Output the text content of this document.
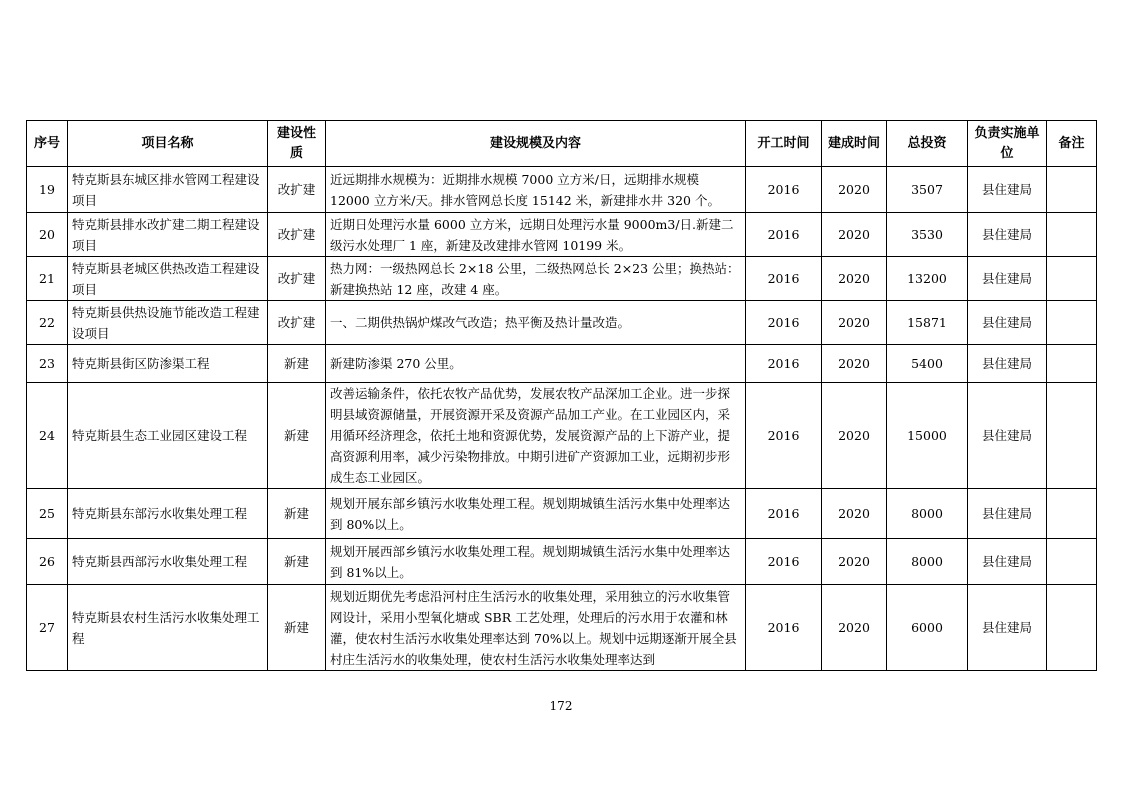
序号	项目名称	建设性质	建设规模及内容	开工时间	建成时间	总投资	负责实施单位	备注
19	特克斯县东城区排水管网工程建设项目	改扩建	近远期排水规模为：近期排水规模 7000 立方米/日，远期排水规模 12000 立方米/天。排水管网总长度 15142 米，新建排水井 320 个。	2016	2020	3507	县住建局	
20	特克斯县排水改扩建二期工程建设项目	改扩建	近期日处理污水量 6000 立方米，远期日处理污水量 9000m3/日.新建二级污水处理厂 1 座，新建及改建排水管网 10199 米。	2016	2020	3530	县住建局	
21	特克斯县老城区供热改造工程建设项目	改扩建	热力网：一级热网总长 2×18 公里，二级热网总长 2×23 公里；换热站：新建换热站 12 座，改建 4 座。	2016	2020	13200	县住建局	
22	特克斯县供热设施节能改造工程建设项目	改扩建	一、二期供热锅炉煤改气改造；热平衡及热计量改造。	2016	2020	15871	县住建局	
23	特克斯县街区防渗渠工程	新建	新建防渗渠 270 公里。	2016	2020	5400	县住建局	
24	特克斯县生态工业园区建设工程	新建	改善运输条件，依托农牧产品优势，发展农牧产品深加工企业。进一步探明县域资源储量，开展资源开采及资源产品加工产业。在工业园区内，采用循环经济理念，依托土地和资源优势，发展资源产品的上下游产业，提高资源利用率，减少污染物排放。中期引进矿产资源加工业，远期初步形成生态工业园区。	2016	2020	15000	县住建局	
25	特克斯县东部污水收集处理工程	新建	规划开展东部乡镇污水收集处理工程。规划期城镇生活污水集中处理率达到 80%以上。	2016	2020	8000	县住建局	
26	特克斯县西部污水收集处理工程	新建	规划开展西部乡镇污水收集处理工程。规划期城镇生活污水集中处理率达到 81%以上。	2016	2020	8000	县住建局	
27	特克斯县农村生活污水收集处理工程	新建	规划近期优先考虑沿河村庄生活污水的收集处理，采用独立的污水收集管网设计，采用小型氧化塘或 SBR 工艺处理，处理后的污水用于农灌和林灌，使农村生活污水收集处理率达到 70%以上。规划中远期逐渐开展全县村庄生活污水的收集处理，使农村生活污水收集处理率达到	2016	2020	6000	县住建局	
172
